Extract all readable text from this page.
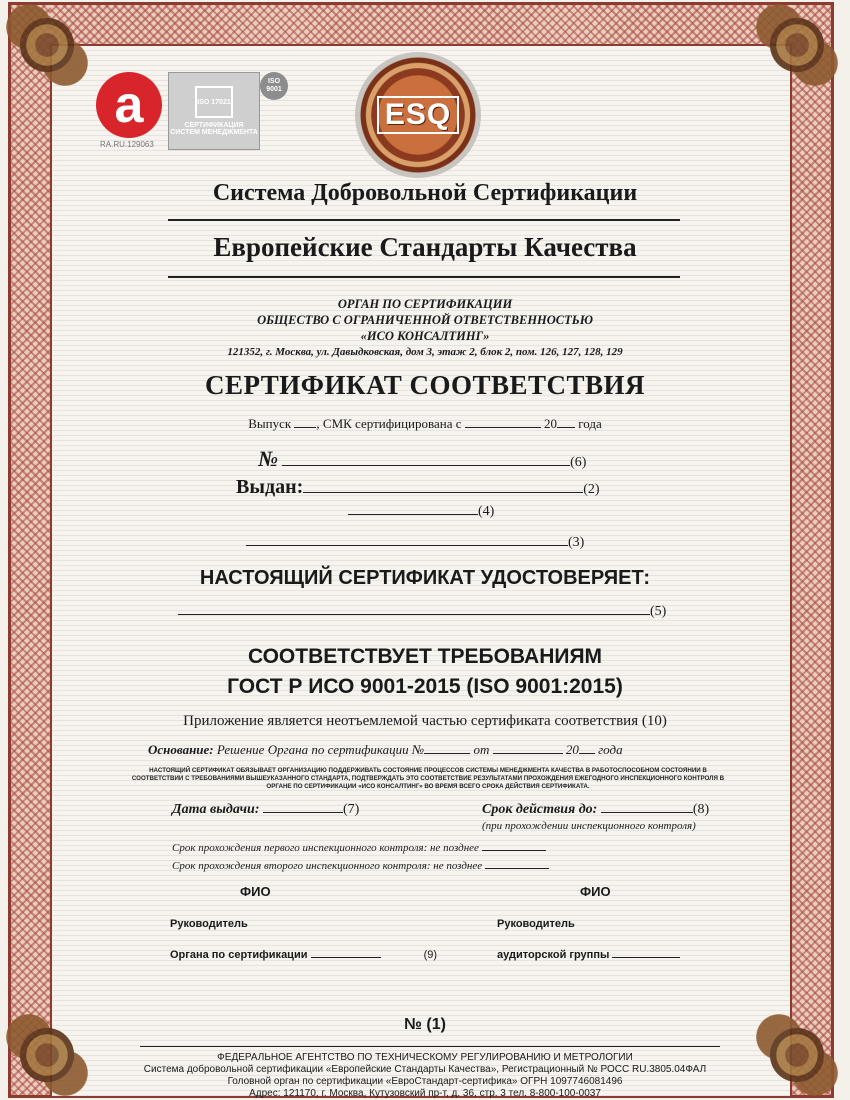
a
RA.RU.129063
ISO 17021
СЕРТИФИКАЦИЯ СИСТЕМ МЕНЕДЖМЕНТА
ISO 9001
ESQ
Система Добровольной Сертификации
Европейские Стандарты Качества
ОРГАН ПО СЕРТИФИКАЦИИ
ОБЩЕСТВО С ОГРАНИЧЕННОЙ ОТВЕТСТВЕННОСТЬЮ
«ИСО КОНСАЛТИНГ»
121352, г. Москва, ул. Давыдковская, дом 3, этаж 2, блок 2, пом. 126, 127, 128, 129
СЕРТИФИКАТ СООТВЕТСТВИЯ
Выпуск , СМК сертифицирована с	20 года
№	(6)
Выдан:	(2)
(4)
(3)
НАСТОЯЩИЙ СЕРТИФИКАТ УДОСТОВЕРЯЕТ:
(5)
СООТВЕТСТВУЕТ ТРЕБОВАНИЯМ
ГОСТ Р ИСО 9001-2015 (ISO 9001:2015)
Приложение является неотъемлемой частью сертификата соответствия (10)
Основание: Решение Органа по сертификации №	от	20 года
НАСТОЯЩИЙ СЕРТИФИКАТ ОБЯЗЫВАЕТ ОРГАНИЗАЦИЮ ПОДДЕРЖИВАТЬ СОСТОЯНИЕ ПРОЦЕССОВ СИСТЕМЫ МЕНЕДЖМЕНТА КАЧЕСТВА В РАБОТОСПОСОБНОМ СОСТОЯНИИ В СООТВЕТСТВИИ С ТРЕБОВАНИЯМИ ВЫШЕУКАЗАННОГО СТАНДАРТА, ПОДТВЕРЖДАТЬ ЭТО СООТВЕТСТВИЕ РЕЗУЛЬТАТАМИ ПРОХОЖДЕНИЯ ЕЖЕГОДНОГО ИНСПЕКЦИОННОГО КОНТРОЛЯ В ОРГАНЕ ПО СЕРТИФИКАЦИИ «ИСО КОНСАЛТИНГ» ВО ВРЕМЯ ВСЕГО СРОКА ДЕЙСТВИЯ СЕРТИФИКАТА.
Дата выдачи:	(7)	Срок действия до:	(8)
(при прохождении инспекционного контроля)
Срок прохождения первого инспекционного контроля: не позднее
Срок прохождения второго инспекционного контроля: не позднее
ФИО	ФИО
Руководитель	Руководитель
Органа по сертификации	(9)	аудиторской группы
№ (1)
ФЕДЕРАЛЬНОЕ АГЕНТСТВО ПО ТЕХНИЧЕСКОМУ РЕГУЛИРОВАНИЮ И МЕТРОЛОГИИ
Система добровольной сертификации «Европейские Стандарты Качества», Регистрационный № РОСС RU.3805.04ФАЛ
Головной орган по сертификации «ЕвроСтандарт-сертифика» ОГРН 1097746081496
Адрес: 121170, г. Москва, Кутузовский пр-т, д. 36, стр. 3 тел. 8-800-100-0037
